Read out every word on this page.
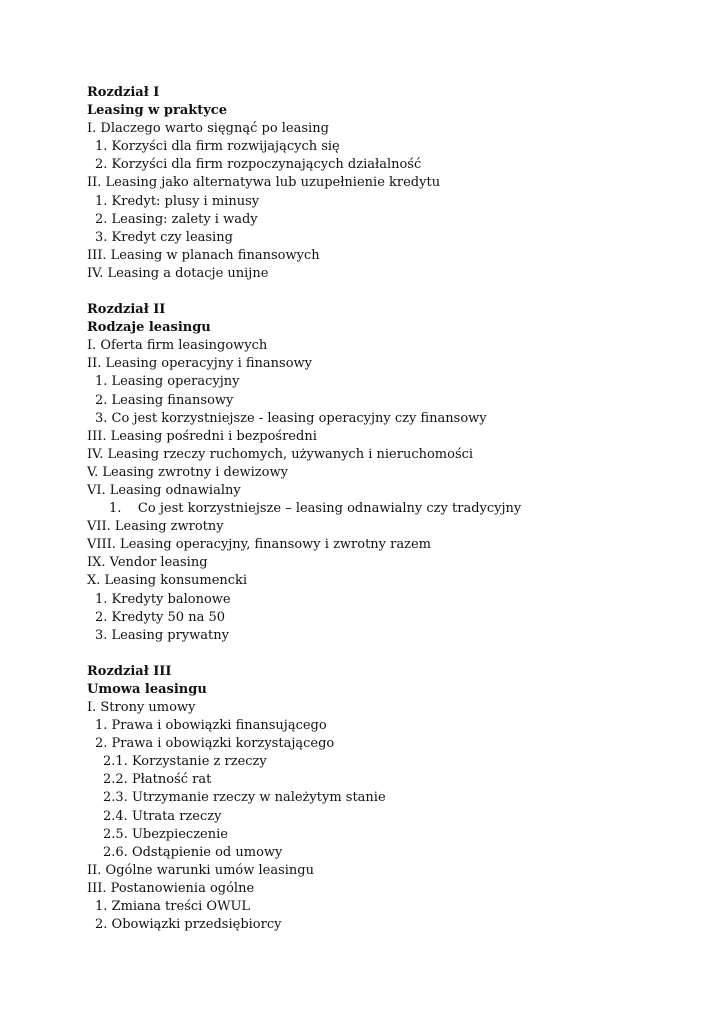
Rozdział I
Leasing w praktyce
I. Dlaczego warto sięgnąć po leasing
1. Korzyści dla firm rozwijających się
2. Korzyści dla firm rozpoczynających działalność
II. Leasing jako alternatywa lub uzupełnienie kredytu
1. Kredyt: plusy i minusy
2. Leasing: zalety i wady
3. Kredyt czy leasing
III. Leasing w planach finansowych
IV. Leasing a dotacje unijne
Rozdział II
Rodzaje leasingu
I. Oferta firm leasingowych
II. Leasing operacyjny i finansowy
1. Leasing operacyjny
2. Leasing finansowy
3. Co jest korzystniejsze - leasing operacyjny czy finansowy
III. Leasing pośredni i bezpośredni
IV. Leasing rzeczy ruchomych, używanych i nieruchomości
V. Leasing zwrotny i dewizowy
VI. Leasing odnawialny
1.    Co jest korzystniejsze – leasing odnawialny czy tradycyjny
VII. Leasing zwrotny
VIII. Leasing operacyjny, finansowy i zwrotny razem
IX. Vendor leasing
X. Leasing konsumencki
1. Kredyty balonowe
2. Kredyty 50 na 50
3. Leasing prywatny
Rozdział III
Umowa leasingu
I. Strony umowy
1. Prawa i obowiązki finansującego
2. Prawa i obowiązki korzystającego
2.1. Korzystanie z rzeczy
2.2. Płatność rat
2.3. Utrzymanie rzeczy w należytym stanie
2.4. Utrata rzeczy
2.5. Ubezpieczenie
2.6. Odstąpienie od umowy
II. Ogólne warunki umów leasingu
III. Postanowienia ogólne
1. Zmiana treści OWUL
2. Obowiązki przedsiębiorcy
